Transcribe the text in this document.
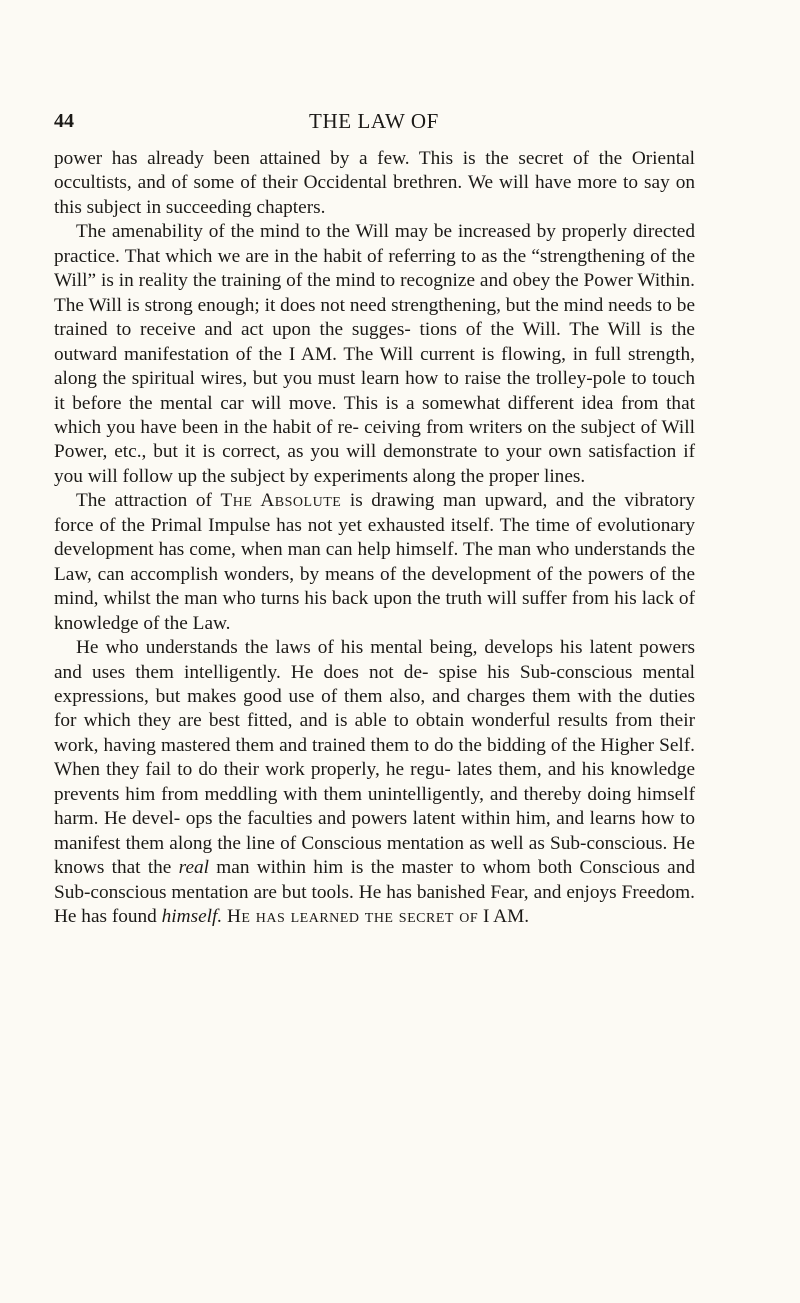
44	THE LAW OF

power has already been attained by a few. This is the secret of the Oriental occultists, and of some of their Occidental brethren. We will have more to say on this subject in succeeding chapters.

The amenability of the mind to the Will may be increased by properly directed practice. That which we are in the habit of referring to as the “strengthening of the Will” is in reality the training of the mind to recognize and obey the Power Within. The Will is strong enough; it does not need strengthening, but the mind needs to be trained to receive and act upon the sugges- tions of the Will. The Will is the outward manifestation of the I AM. The Will current is flowing, in full strength, along the spiritual wires, but you must learn how to raise the trolley-pole to touch it before the mental car will move. This is a somewhat different idea from that which you have been in the habit of re- ceiving from writers on the subject of Will Power, etc., but it is correct, as you will demonstrate to your own satisfaction if you will follow up the subject by experiments along the proper lines.

The attraction of The Absolute is drawing man upward, and the vibratory force of the Primal Impulse has not yet exhausted itself. The time of evolutionary development has come, when man can help himself. The man who understands the Law, can accomplish wonders, by means of the development of the powers of the mind, whilst the man who turns his back upon the truth will suffer from his lack of knowledge of the Law.

He who understands the laws of his mental being, develops his latent powers and uses them intelligently. He does not de- spise his Sub-conscious mental expressions, but makes good use of them also, and charges them with the duties for which they are best fitted, and is able to obtain wonderful results from their work, having mastered them and trained them to do the bidding of the Higher Self. When they fail to do their work properly, he regu- lates them, and his knowledge prevents him from meddling with them unintelligently, and thereby doing himself harm. He devel- ops the faculties and powers latent within him, and learns how to manifest them along the line of Conscious mentation as well as Sub-conscious. He knows that the real man within him is the master to whom both Conscious and Sub-conscious mentation are but tools. He has banished Fear, and enjoys Freedom. He has found himself. He has learned the secret of I AM.
